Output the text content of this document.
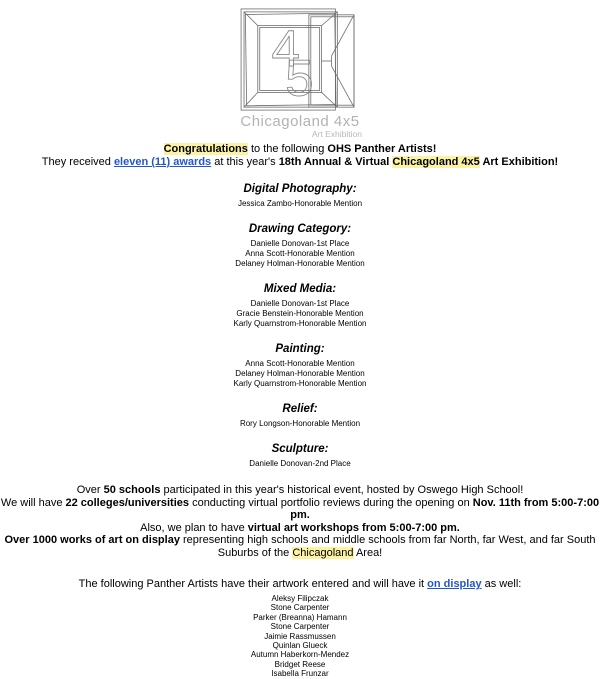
4
5
Chicagoland 4x5
Art Exhibition
Congratulations to the following OHS Panther Artists!
They received eleven (11) awards at this year's 18th Annual & Virtual Chicagoland 4x5 Art Exhibition!
Digital Photography:
Jessica Zambo-Honorable Mention
Drawing Category:
Danielle Donovan-1st Place
Anna Scott-Honorable Mention
Delaney Holman-Honorable Mention
Mixed Media:
Danielle Donovan-1st Place
Gracie Benstein-Honorable Mention
Karly Quarnstrom-Honorable Mention
Painting:
Anna Scott-Honorable Mention
Delaney Holman-Honorable Mention
Karly Quarnstrom-Honorable Mention
Relief:
Rory Longson-Honorable Mention
Sculpture:
Danielle Donovan-2nd Place
Over 50 schools participated in this year's historical event, hosted by Oswego High School!
We will have 22 colleges/universities conducting virtual portfolio reviews during the opening on Nov. 11th from 5:00-7:00 pm.
Also, we plan to have virtual art workshops from 5:00-7:00 pm.
Over 1000 works of art on display representing high schools and middle schools from far North, far West, and far South Suburbs of the Chicagoland Area!
The following Panther Artists have their artwork entered and will have it on display as well:
Aleksy Filipczak
Stone Carpenter
Parker (Breanna) Hamann
Stone Carpenter
Jaimie Rassmussen
Quinlan Glueck
Autumn Haberkorn-Mendez
Bridget Reese
Isabella Frunzar
